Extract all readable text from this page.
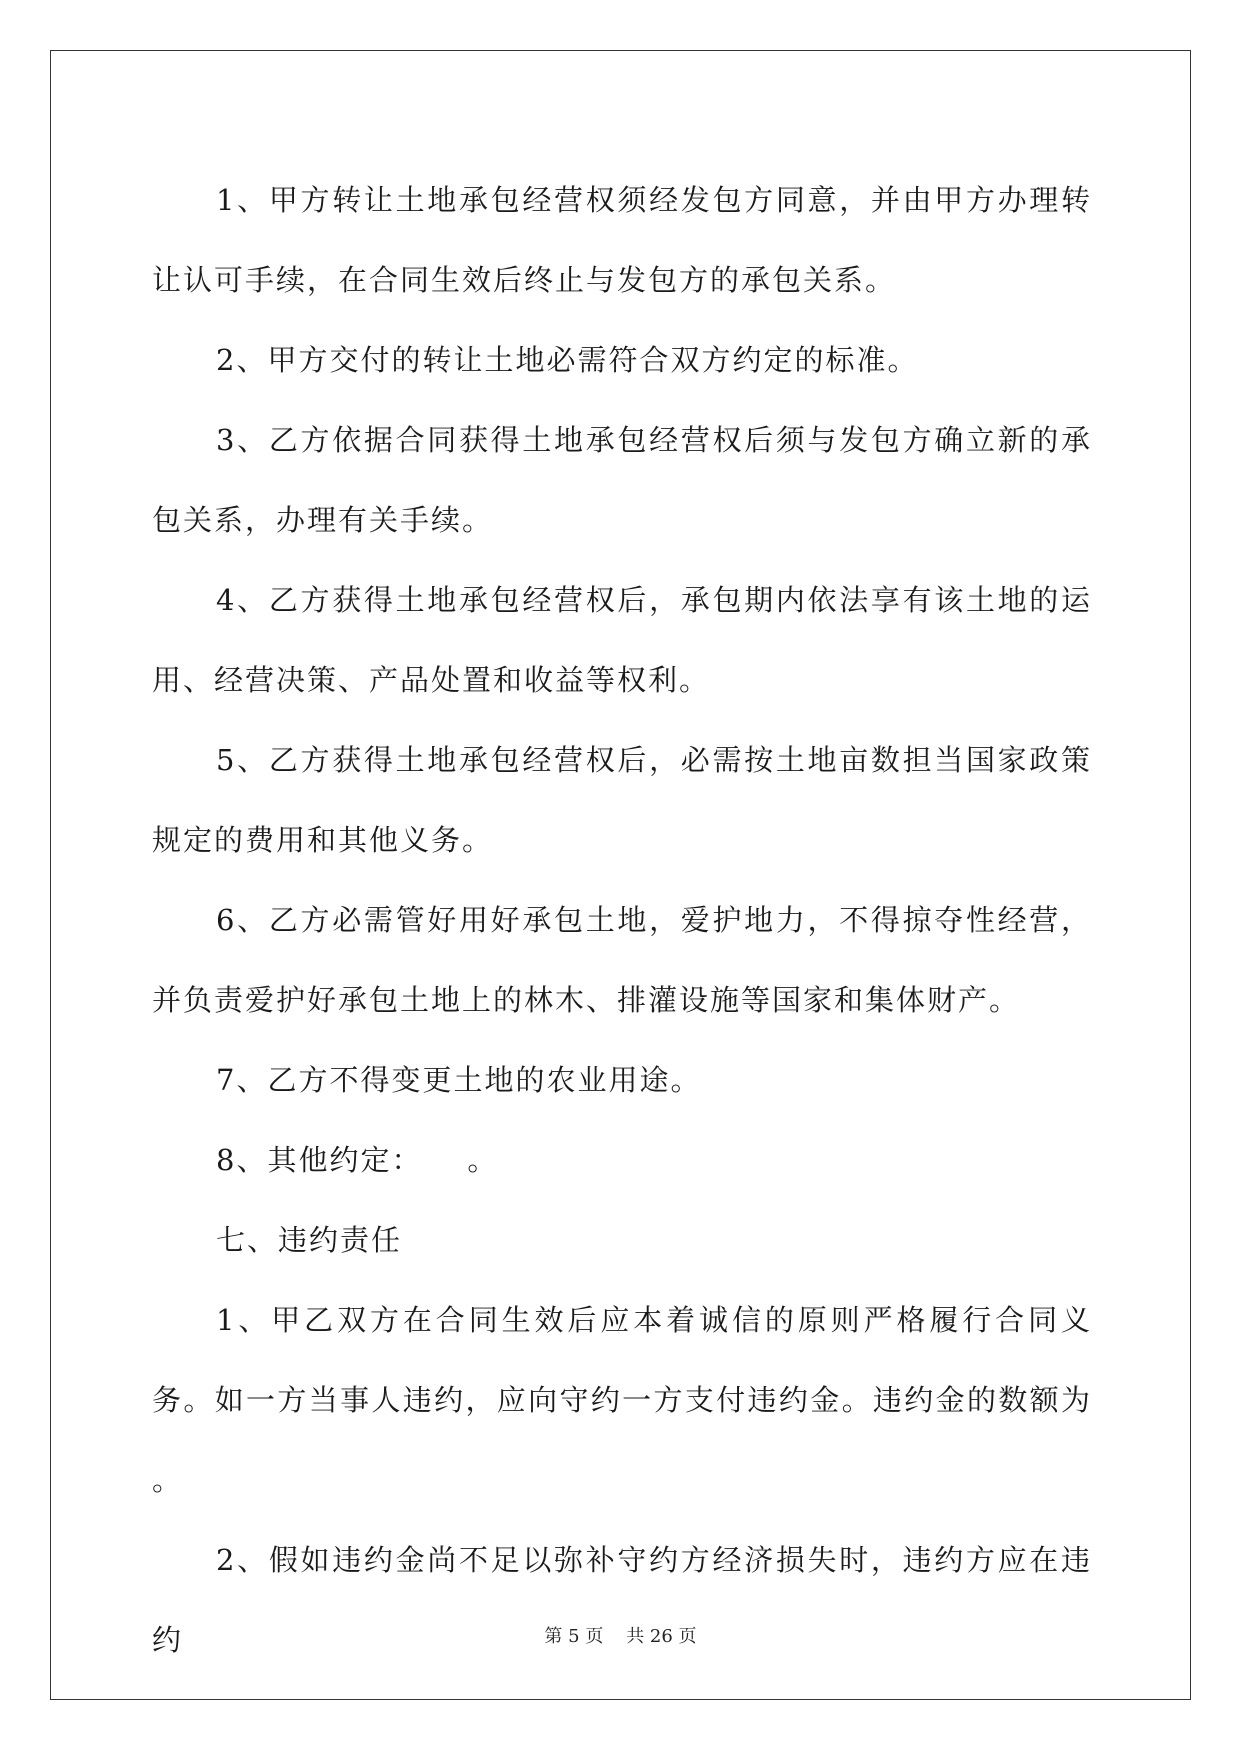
1、甲方转让土地承包经营权须经发包方同意，并由甲方办理转让认可手续，在合同生效后终止与发包方的承包关系。

2、甲方交付的转让土地必需符合双方约定的标准。

3、乙方依据合同获得土地承包经营权后须与发包方确立新的承包关系，办理有关手续。

4、乙方获得土地承包经营权后，承包期内依法享有该土地的运用、经营决策、产品处置和收益等权利。

5、乙方获得土地承包经营权后，必需按土地亩数担当国家政策规定的费用和其他义务。

6、乙方必需管好用好承包土地，爱护地力，不得掠夺性经营，并负责爱护好承包土地上的林木、排灌设施等国家和集体财产。

7、乙方不得变更土地的农业用途。

8、其他约定：    。

七、违约责任

1、甲乙双方在合同生效后应本着诚信的原则严格履行合同义务。如一方当事人违约，应向守约一方支付违约金。违约金的数额为  。

2、假如违约金尚不足以弥补守约方经济损失时，违约方应在违约	第 5 页    共 26 页
